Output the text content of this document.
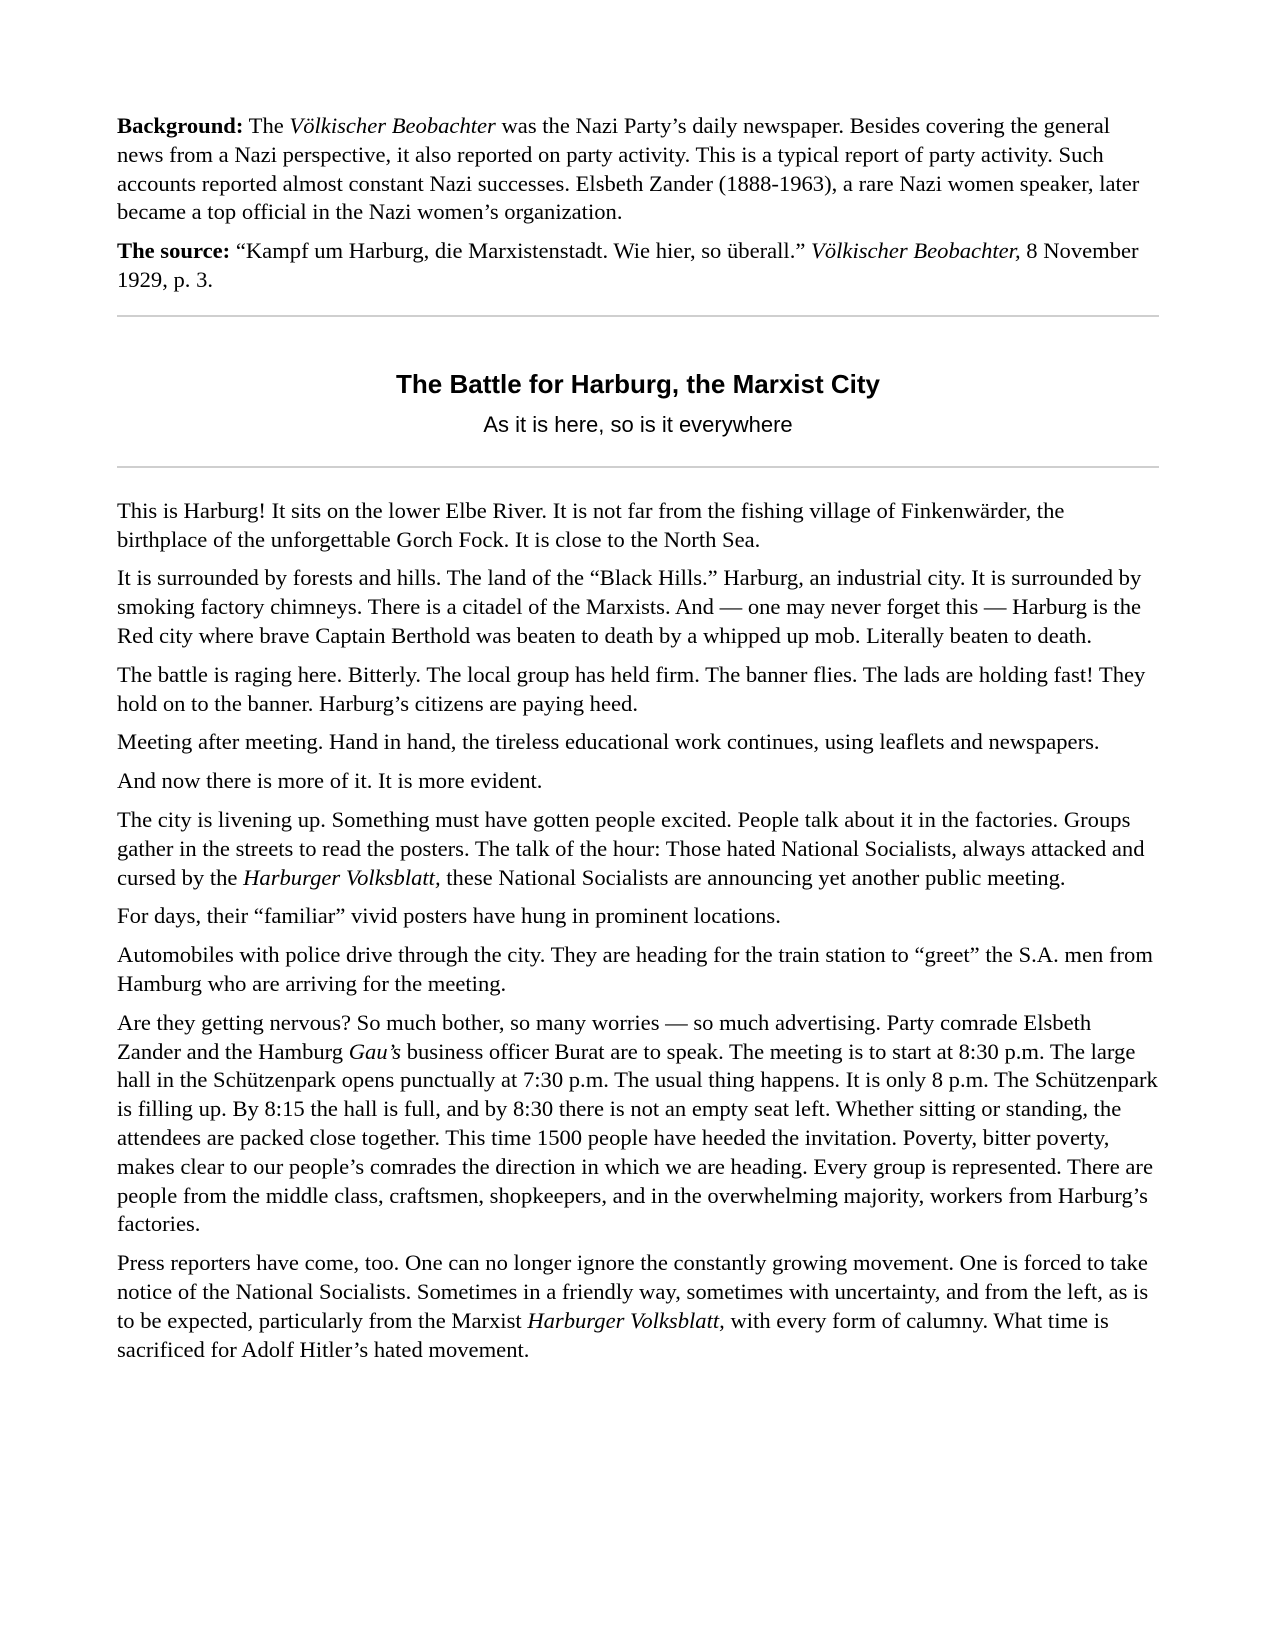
Background: The Völkischer Beobachter was the Nazi Party’s daily newspaper. Besides covering the general news from a Nazi perspective, it also reported on party activity. This is a typical report of party activity. Such accounts reported almost constant Nazi successes. Elsbeth Zander (1888-1963), a rare Nazi women speaker, later became a top official in the Nazi women’s organization.

The source: “Kampf um Harburg, die Marxistenstadt. Wie hier, so überall.” Völkischer Beobachter, 8 November 1929, p. 3.

The Battle for Harburg, the Marxist City

As it is here, so is it everywhere

This is Harburg! It sits on the lower Elbe River. It is not far from the fishing village of Finkenwärder, the birthplace of the unforgettable Gorch Fock. It is close to the North Sea.

It is surrounded by forests and hills. The land of the “Black Hills.” Harburg, an industrial city. It is surrounded by smoking factory chimneys. There is a citadel of the Marxists. And — one may never forget this — Harburg is the Red city where brave Captain Berthold was beaten to death by a whipped up mob. Literally beaten to death.

The battle is raging here. Bitterly. The local group has held firm. The banner flies. The lads are holding fast! They hold on to the banner. Harburg’s citizens are paying heed.

Meeting after meeting. Hand in hand, the tireless educational work continues, using leaflets and newspapers.

And now there is more of it. It is more evident.

The city is livening up. Something must have gotten people excited. People talk about it in the factories. Groups gather in the streets to read the posters. The talk of the hour: Those hated National Socialists, always attacked and cursed by the Harburger Volksblatt, these National Socialists are announcing yet another public meeting.

For days, their “familiar” vivid posters have hung in prominent locations.

Automobiles with police drive through the city. They are heading for the train station to “greet” the S.A. men from Hamburg who are arriving for the meeting.

Are they getting nervous? So much bother, so many worries — so much advertising. Party comrade Elsbeth Zander and the Hamburg Gau’s business officer Burat are to speak. The meeting is to start at 8:30 p.m. The large hall in the Schützenpark opens punctually at 7:30 p.m. The usual thing happens. It is only 8 p.m. The Schützenpark is filling up. By 8:15 the hall is full, and by 8:30 there is not an empty seat left. Whether sitting or standing, the attendees are packed close together. This time 1500 people have heeded the invitation. Poverty, bitter poverty, makes clear to our people’s comrades the direction in which we are heading. Every group is represented. There are people from the middle class, craftsmen, shopkeepers, and in the overwhelming majority, workers from Harburg’s factories.

Press reporters have come, too. One can no longer ignore the constantly growing movement. One is forced to take notice of the National Socialists. Sometimes in a friendly way, sometimes with uncertainty, and from the left, as is to be expected, particularly from the Marxist Harburger Volksblatt, with every form of calumny. What time is sacrificed for Adolf Hitler’s hated movement.
